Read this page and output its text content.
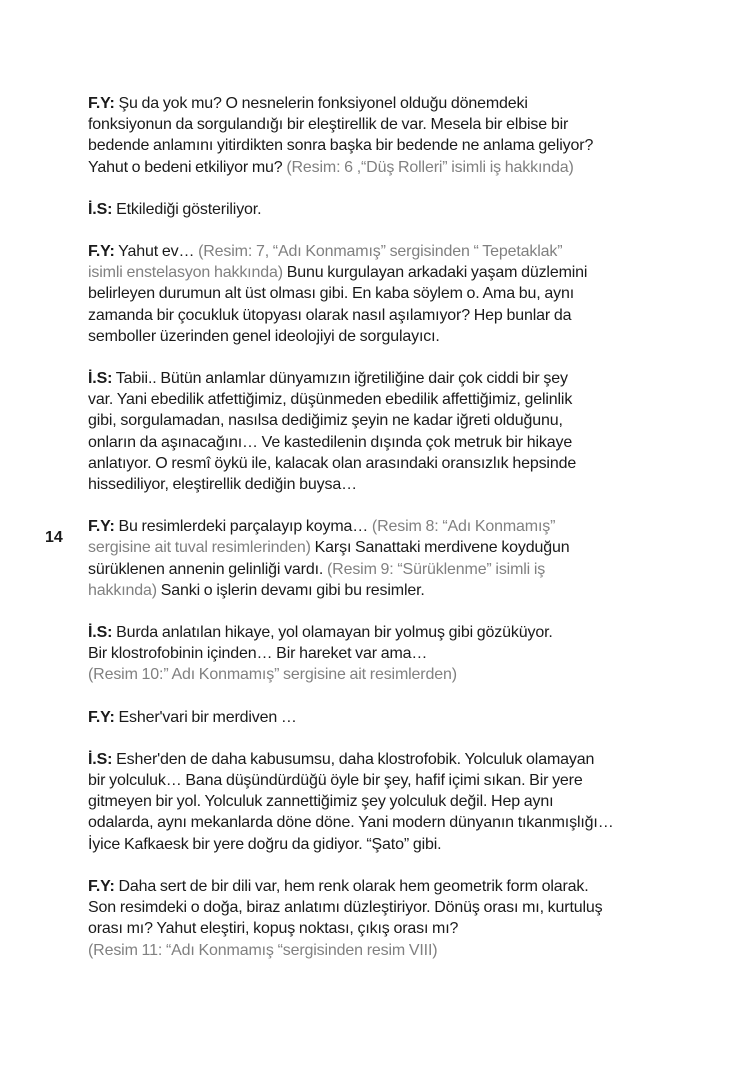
14

F.Y: Şu da yok mu? O nesnelerin fonksiyonel olduğu dönemdeki
fonksiyonun da sorgulandığı bir eleştirellik de var. Mesela bir elbise bir
bedende anlamını yitirdikten sonra başka bir bedende ne anlama geliyor?
Yahut o bedeni etkiliyor mu? (Resim: 6 ,“Düş Rolleri” isimli iş hakkında)

İ.S: Etkilediği gösteriliyor.

F.Y: Yahut ev… (Resim: 7, “Adı Konmamış” sergisinden “ Tepetaklak”
isimli enstelasyon hakkında) Bunu kurgulayan arkadaki yaşam düzlemini
belirleyen durumun alt üst olması gibi. En kaba söylem o. Ama bu, aynı
zamanda bir çocukluk ütopyası olarak nasıl aşılamıyor? Hep bunlar da
semboller üzerinden genel ideolojiyi de sorgulayıcı.

İ.S: Tabii.. Bütün anlamlar dünyamızın iğretiliğine dair çok ciddi bir şey
var. Yani ebedilik atfettiğimiz, düşünmeden ebedilik affettiğimiz, gelinlik
gibi, sorgulamadan, nasılsa dediğimiz şeyin ne kadar iğreti olduğunu,
onların da aşınacağını… Ve kastedilenin dışında çok metruk bir hikaye
anlatıyor. O resmî öykü ile, kalacak olan arasındaki oransızlık hepsinde
hissediliyor, eleştirellik dediğin buysa…

F.Y: Bu resimlerdeki parçalayıp koyma… (Resim 8: “Adı Konmamış”
sergisine ait tuval resimlerinden) Karşı Sanattaki merdivene koyduğun
sürüklenen annenin gelinliği vardı. (Resim 9: “Sürüklenme” isimli iş
hakkında) Sanki o işlerin devamı gibi bu resimler.

İ.S: Burda anlatılan hikaye, yol olamayan bir yolmuş gibi gözüküyor.
Bir klostrofobinin içinden… Bir hareket var ama…
(Resim 10:” Adı Konmamış” sergisine ait resimlerden)

F.Y: Esher'vari bir merdiven …

İ.S: Esher'den de daha kabusumsu, daha klostrofobik. Yolculuk olamayan
bir yolculuk… Bana düşündürdüğü öyle bir şey, hafif içimi sıkan. Bir yere
gitmeyen bir yol. Yolculuk zannettiğimiz şey yolculuk değil. Hep aynı
odalarda, aynı mekanlarda döne döne. Yani modern dünyanın tıkanmışlığı…
İyice Kafkaesk bir yere doğru da gidiyor. “Şato” gibi.

F.Y: Daha sert de bir dili var, hem renk olarak hem geometrik form olarak.
Son resimdeki o doğa, biraz anlatımı düzleştiriyor. Dönüş orası mı, kurtuluş
orası mı? Yahut eleştiri, kopuş noktası, çıkış orası mı?
(Resim 11: “Adı Konmamış “sergisinden resim VIII)
